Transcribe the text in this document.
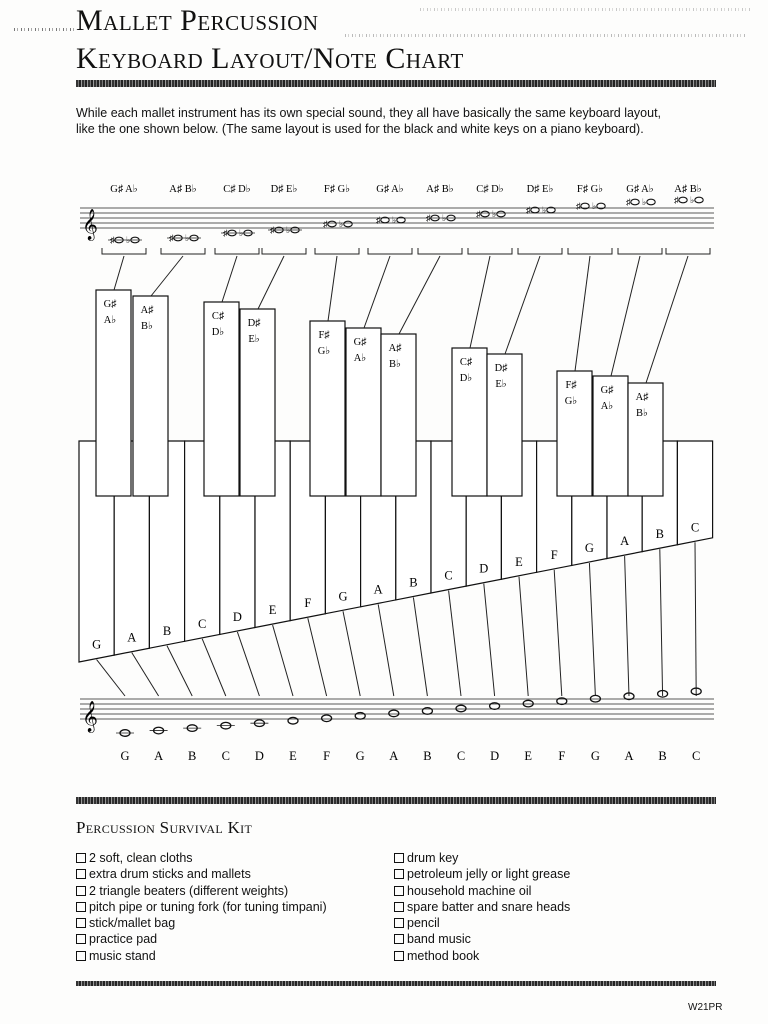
Mallet Percussion
Keyboard Layout/Note Chart

While each mallet instrument has its own special sound, they all have basically the same keyboard layout, like the one shown below. (The same layout is used for the black and white keys on a piano keyboard).

𝄞
♯ ♭	♯ ♭	♯ ♭	♯ ♭
♯ ♭	♯ ♭	♯ ♭	♯ ♭	♯ ♭	♯ ♭	♯ ♭	♯ ♭
G♯ A♭	A♯ B♭	C♯ D♭ D♯ E♭	F♯ G♭ G♯ A♭ A♯ B♭ C♯ D♭ D♯ E♭ F♯ G♭ G♯ A♭ A♯ B♭
G A B C D E F G A B C D E F G A B C
G♯
A♭
A♯
B♭
C♯
D♭
D♯
E♭	F♯
G♭
G♯
A♭
A♯
B♭	C♯
D♭
D♯
E♭	F♯
G♭
G♯
A♭
A♯
B♭
𝄞
G A B C D E F G A B C D E F G A B C
Percussion Survival Kit
2 soft, clean cloths
extra drum sticks and mallets
2 triangle beaters (different weights)
pitch pipe or tuning fork (for tuning timpani)
stick/mallet bag
practice pad
music stand
drum key
petroleum jelly or light grease
household machine oil
spare batter and snare heads
pencil
band music
method book

W21PR
